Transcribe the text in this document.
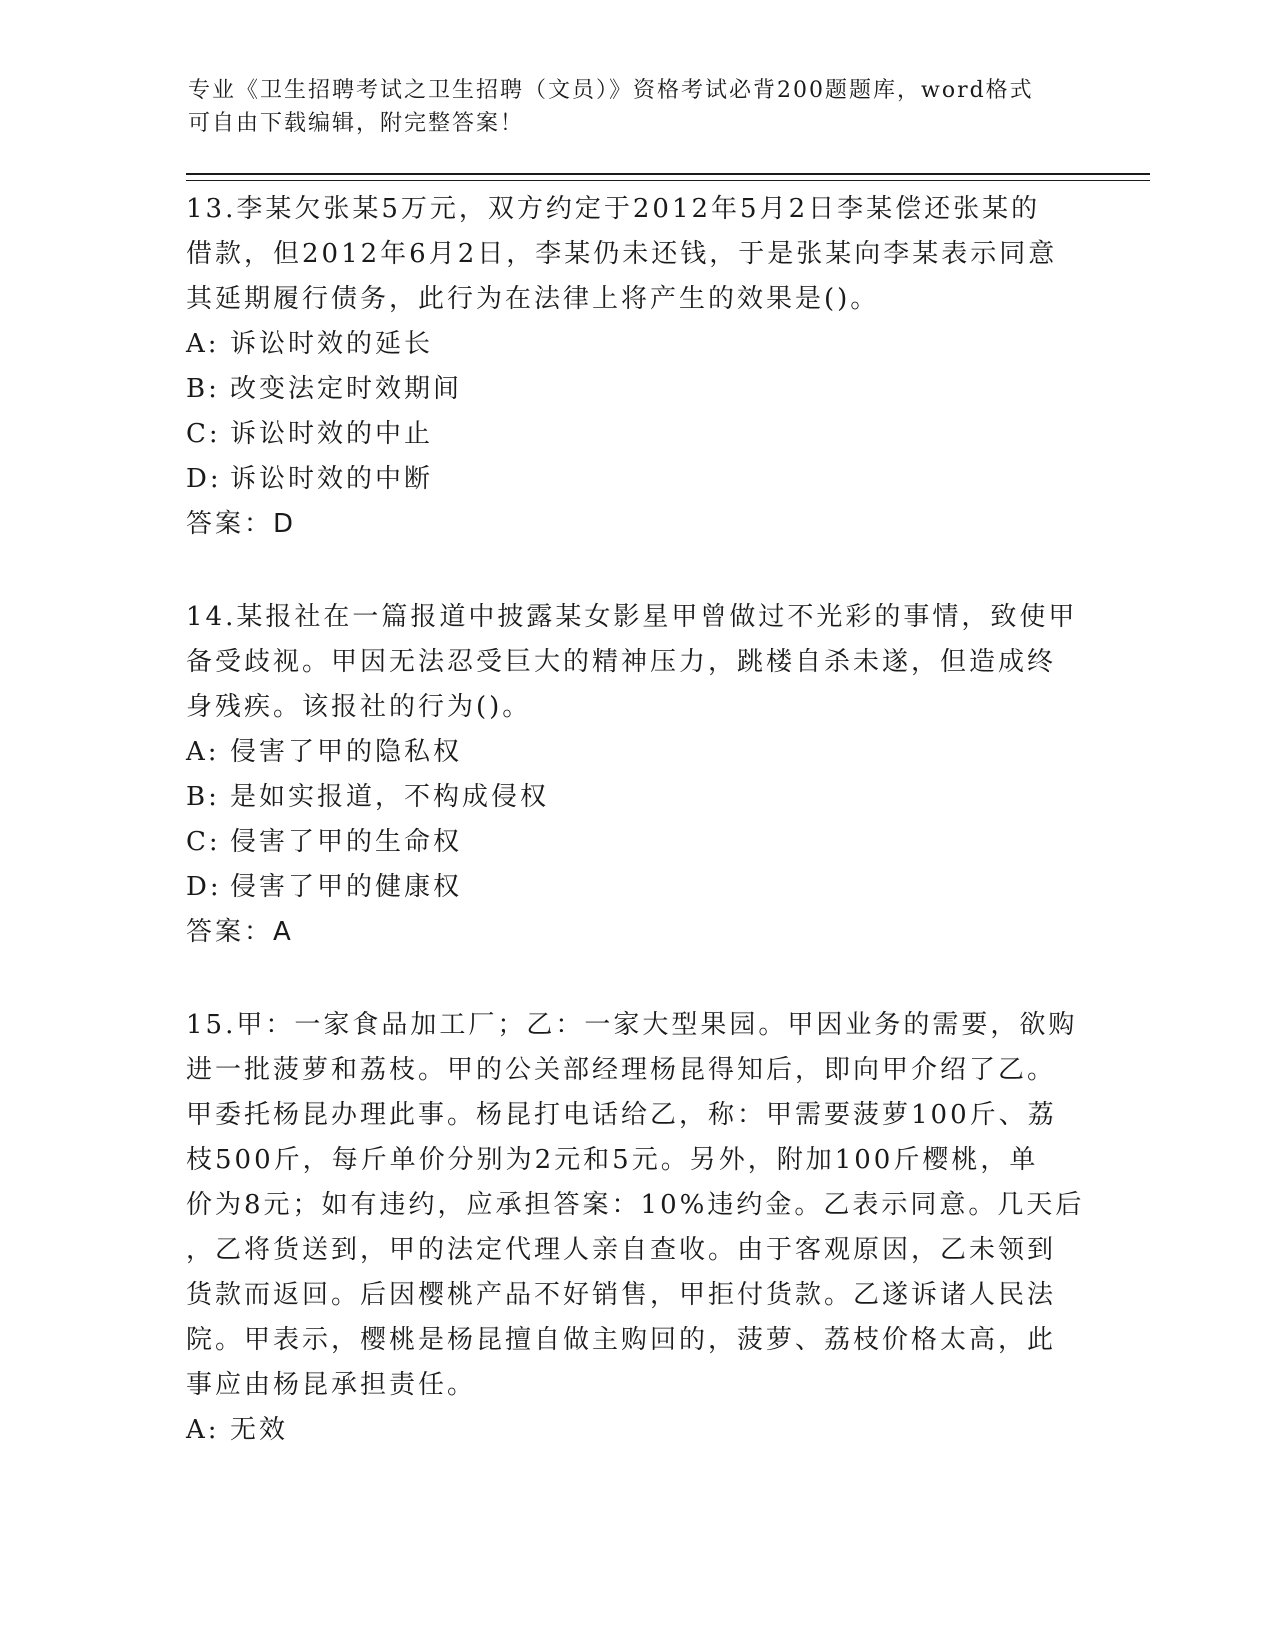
专业《卫生招聘考试之卫生招聘（文员）》资格考试必背200题题库，word格式
可自由下载编辑，附完整答案！
13.李某欠张某5万元，双方约定于2012年5月2日李某偿还张某的
借款，但2012年6月2日，李某仍未还钱，于是张某向李某表示同意
其延期履行债务，此行为在法律上将产生的效果是()。
A: 诉讼时效的延长
B: 改变法定时效期间
C: 诉讼时效的中止
D: 诉讼时效的中断
答案：D
14.某报社在一篇报道中披露某女影星甲曾做过不光彩的事情，致使甲
备受歧视。甲因无法忍受巨大的精神压力，跳楼自杀未遂，但造成终
身残疾。该报社的行为()。
A: 侵害了甲的隐私权
B: 是如实报道，不构成侵权
C: 侵害了甲的生命权
D: 侵害了甲的健康权
答案：A
15.甲：一家食品加工厂；乙：一家大型果园。甲因业务的需要，欲购
进一批菠萝和荔枝。甲的公关部经理杨昆得知后，即向甲介绍了乙。
甲委托杨昆办理此事。杨昆打电话给乙，称：甲需要菠萝100斤、荔
枝500斤，每斤单价分别为2元和5元。另外，附加100斤樱桃，单
价为8元；如有违约，应承担答案：10%违约金。乙表示同意。几天后
，乙将货送到，甲的法定代理人亲自查收。由于客观原因，乙未领到
货款而返回。后因樱桃产品不好销售，甲拒付货款。乙遂诉诸人民法
院。甲表示，樱桃是杨昆擅自做主购回的，菠萝、荔枝价格太高，此
事应由杨昆承担责任。
A: 无效
